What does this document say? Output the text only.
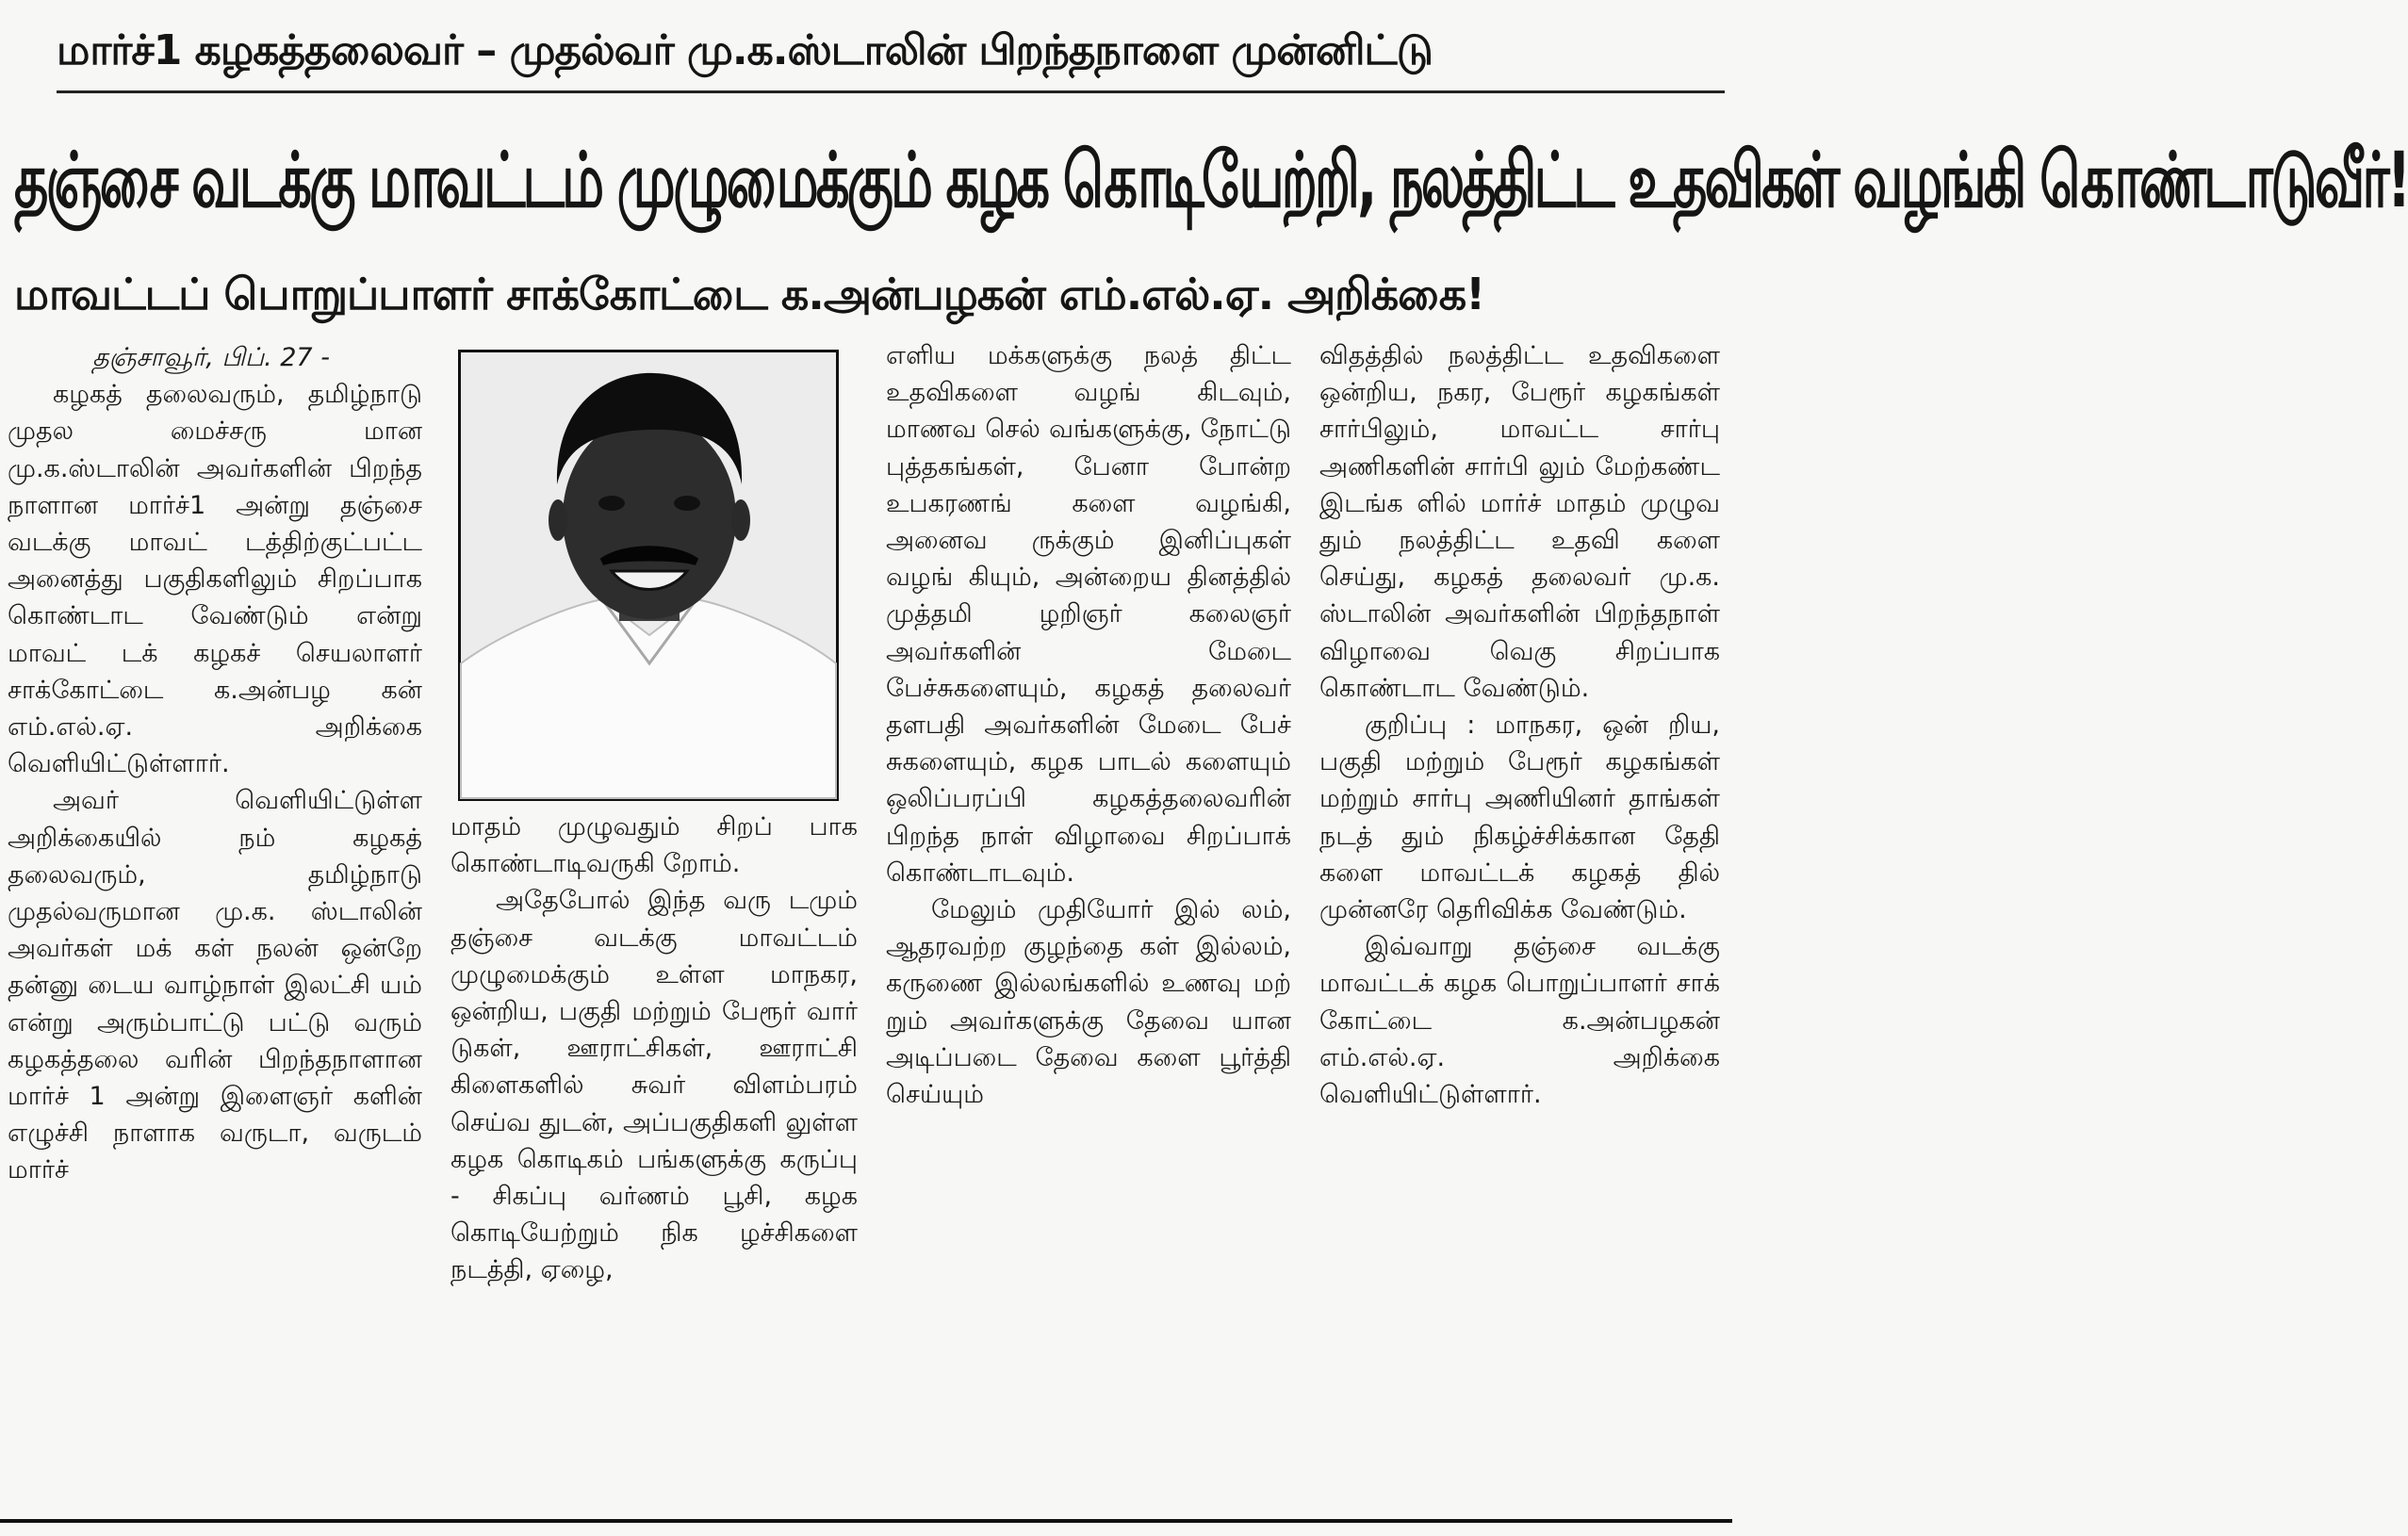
மார்ச்1 கழகத்தலைவர் – முதல்வர் மு.க.ஸ்டாலின் பிறந்தநாளை முன்னிட்டு
தஞ்சை வடக்கு மாவட்டம் முழுமைக்கும் கழக கொடியேற்றி, நலத்திட்ட உதவிகள் வழங்கி கொண்டாடுவீர்!
மாவட்டப் பொறுப்பாளர் சாக்கோட்டை க.அன்பழகன் எம்.எல்.ஏ. அறிக்கை!

தஞ்சாவூர், பிப். 27 -

கழகத் தலைவரும், தமிழ்நாடு முதல மைச்சரு மான மு.க.ஸ்டாலின் அவர்களின் பிறந்த நாளான மார்ச்1 அன்று தஞ்சை வடக்கு மாவட் டத்திற்குட்பட்ட அனைத்து பகுதிகளிலும் சிறப்பாக கொண்டாட வேண்டும் என்று மாவட் டக் கழகச் செயலாளர் சாக்கோட்டை க.அன்பழ கன் எம்.எல்.ஏ. அறிக்கை வெளியிட்டுள்ளார்.

அவர் வெளியிட்டுள்ள அறிக்கையில் நம் கழகத் தலைவரும், தமிழ்நாடு முதல்வருமான மு.க. ஸ்டாலின் அவர்கள் மக் கள் நலன் ஒன்றே தன்னு டைய வாழ்நாள் இலட்சி யம் என்று அரும்பாட்டு பட்டு வரும் கழகத்தலை வரின் பிறந்தநாளான மார்ச் 1 அன்று இளைஞர் களின் எழுச்சி நாளாக வருடா, வருடம் மார்ச்

மாதம் முழுவதும் சிறப் பாக கொண்டாடிவருகி றோம்.

அதேபோல் இந்த வரு டமும் தஞ்சை வடக்கு மாவட்டம் முழுமைக்கும் உள்ள மாநகர, ஒன்றிய, பகுதி மற்றும் பேரூர் வார் டுகள், ஊராட்சிகள், ஊராட்சி கிளைகளில் சுவர் விளம்பரம் செய்வ துடன், அப்பகுதிகளி லுள்ள கழக கொடிகம் பங்களுக்கு கருப்பு - சிகப்பு வர்ணம் பூசி, கழக கொடியேற்றும் நிக ழச்சிகளை நடத்தி, ஏழை,

எளிய மக்களுக்கு நலத் திட்ட உதவிகளை வழங் கிடவும், மாணவ செல் வங்களுக்கு, நோட்டு புத்தகங்கள், பேனா போன்ற உபகரணங் களை வழங்கி, அனைவ ருக்கும் இனிப்புகள் வழங் கியும், அன்றைய தினத்தில் முத்தமி ழறிஞர் கலைஞர் அவர்களின் மேடை பேச்சுகளையும், கழகத் தலைவர் தளபதி அவர்களின் மேடை பேச் சுகளையும், கழக பாடல் களையும் ஒலிப்பரப்பி கழகத்தலைவரின் பிறந்த நாள் விழாவை சிறப்பாக் கொண்டாடவும்.

மேலும் முதியோர் இல் லம், ஆதரவற்ற குழந்தை கள் இல்லம், கருணை இல்லங்களில் உணவு மற் றும் அவர்களுக்கு தேவை யான அடிப்படை தேவை களை பூர்த்தி செய்யும்

விதத்தில் நலத்திட்ட உதவிகளை ஒன்றிய, நகர, பேரூர் கழகங்கள் சார்பிலும், மாவட்ட சார்பு அணிகளின் சார்பி லும் மேற்கண்ட இடங்க ளில் மார்ச் மாதம் முழுவ தும் நலத்திட்ட உதவி களை செய்து, கழகத் தலைவர் மு.க. ஸ்டாலின் அவர்களின் பிறந்தநாள் விழாவை வெகு சிறப்பாக கொண்டாட வேண்டும்.

குறிப்பு : மாநகர, ஒன் றிய, பகுதி மற்றும் பேரூர் கழகங்கள் மற்றும் சார்பு அணியினர் தாங்கள் நடத் தும் நிகழ்ச்சிக்கான தேதி களை மாவட்டக் கழகத் தில் முன்னரே தெரிவிக்க வேண்டும்.

இவ்வாறு தஞ்சை வடக்கு மாவட்டக் கழக பொறுப்பாளர் சாக் கோட்டை க.அன்பழகன் எம்.எல்.ஏ. அறிக்கை வெளியிட்டுள்ளார்.
